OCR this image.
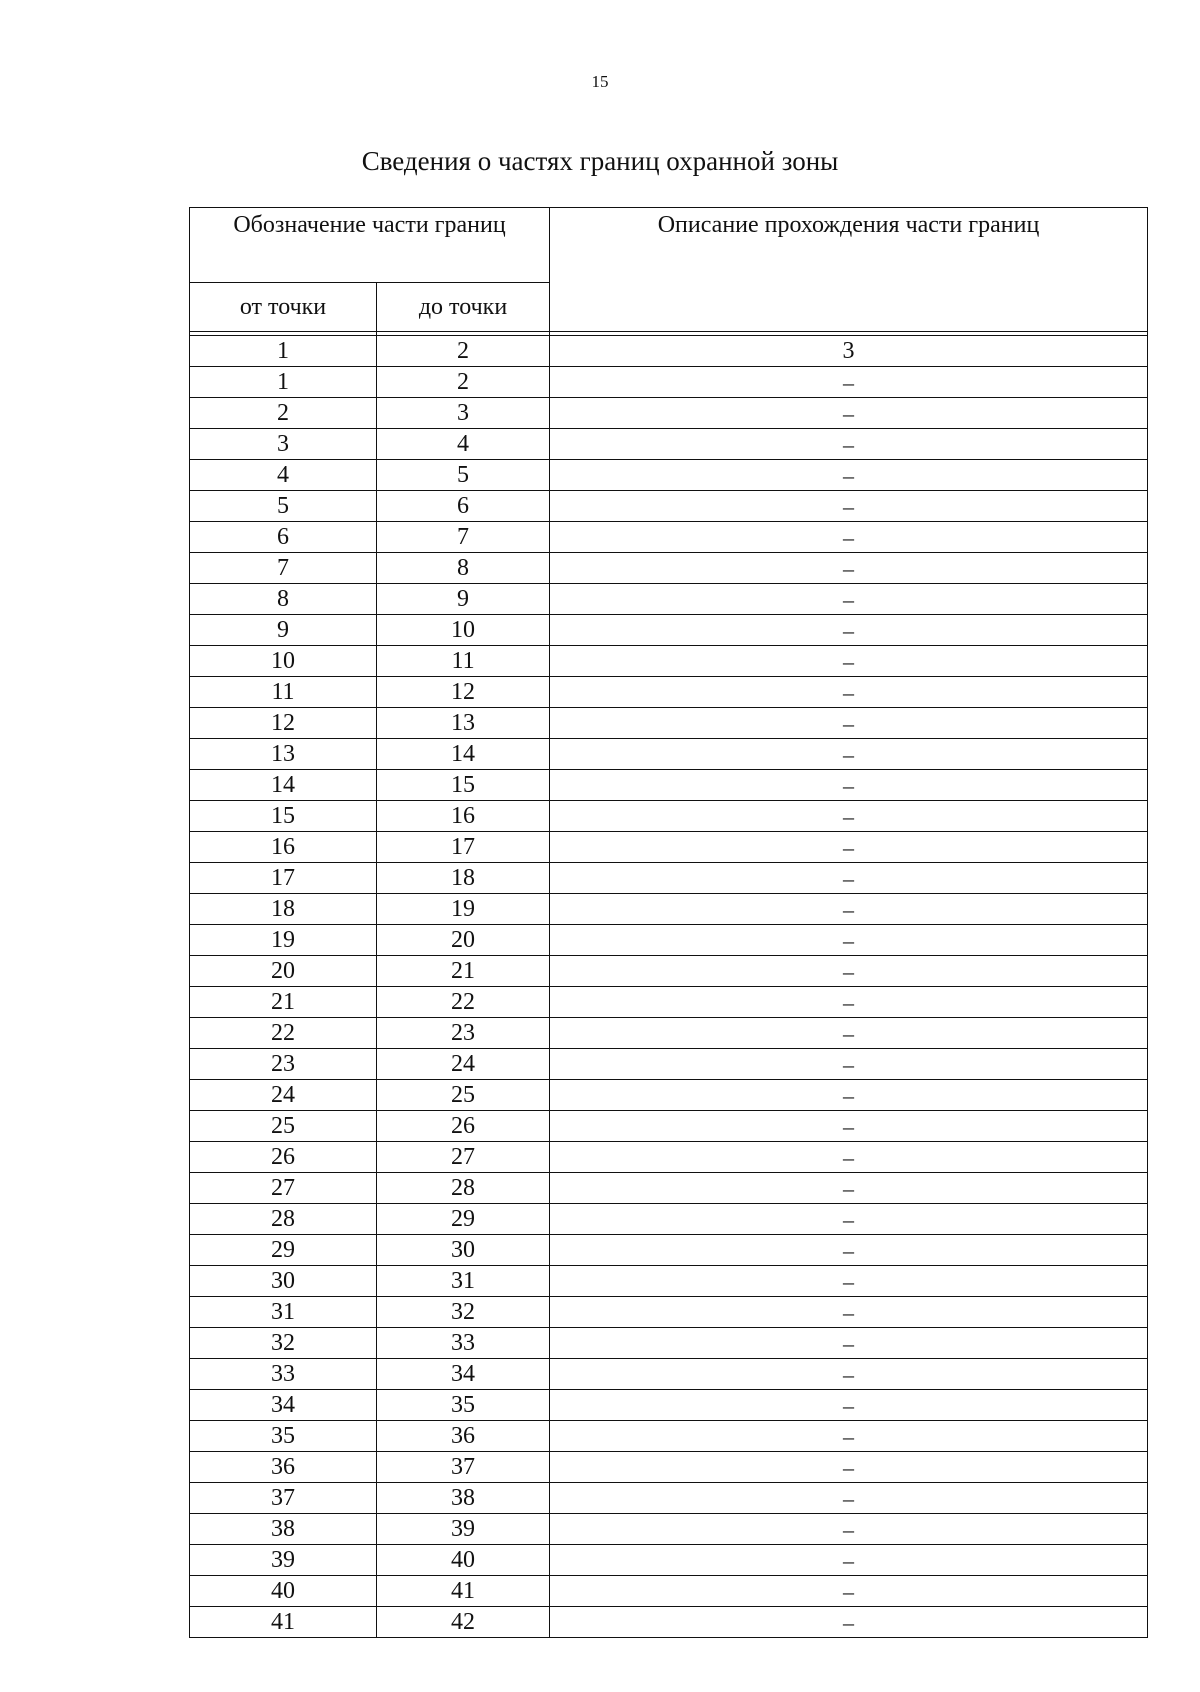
15
Сведения о частях границ охранной зоны
Обозначение части границ		Описание прохождения части границ
от точки	до точки	

1	2	3
1	2	–
2	3	–
3	4	–
4	5	–
5	6	–
6	7	–
7	8	–
8	9	–
9	10	–
10	11	–
11	12	–
12	13	–
13	14	–
14	15	–
15	16	–
16	17	–
17	18	–
18	19	–
19	20	–
20	21	–
21	22	–
22	23	–
23	24	–
24	25	–
25	26	–
26	27	–
27	28	–
28	29	–
29	30	–
30	31	–
31	32	–
32	33	–
33	34	–
34	35	–
35	36	–
36	37	–
37	38	–
38	39	–
39	40	–
40	41	–
41	42	–
